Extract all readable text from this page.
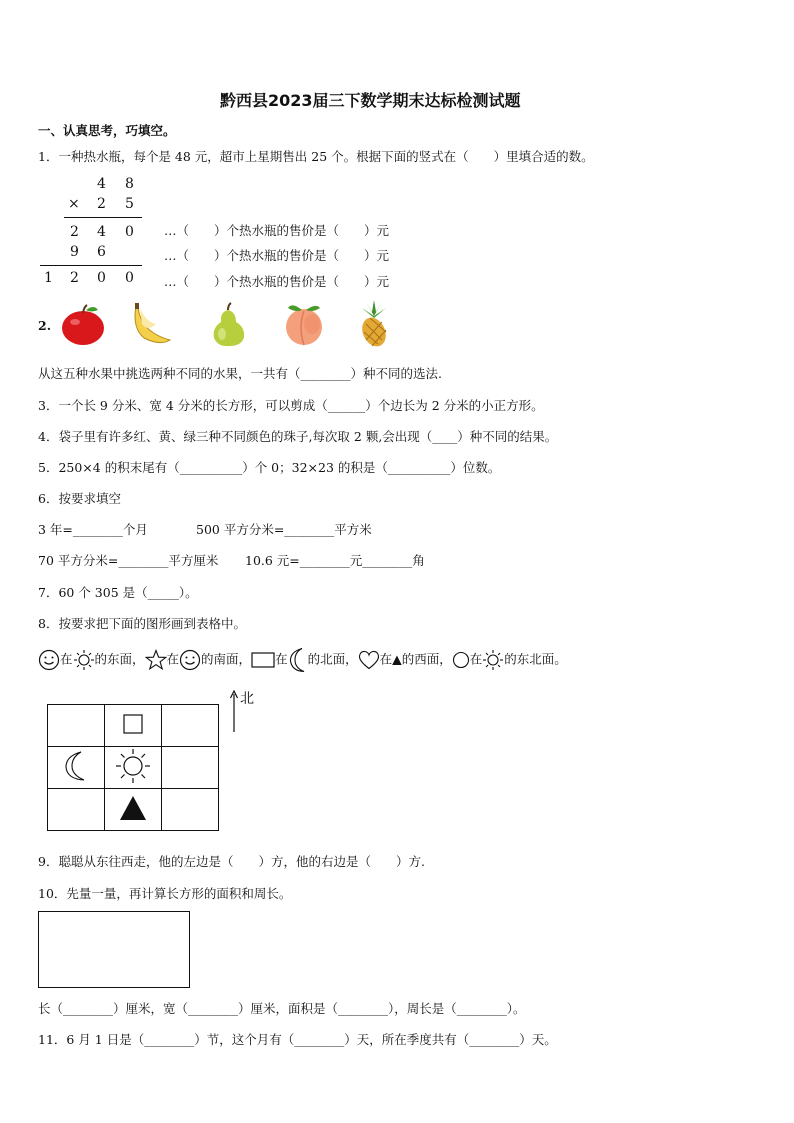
黔西县2023届三下数学期末达标检测试题
一、认真思考，巧填空。
1．一种热水瓶，每个是 48 元，超市上星期售出 25 个。根据下面的竖式在（　　）里填合适的数。
4 8
× 2 5
2 4 0
9 6
1 2 0 0
…（　　）个热水瓶的售价是（　　）元
…（　　）个热水瓶的售价是（　　）元
…（　　）个热水瓶的售价是（　　）元
2.
从这五种水果中挑选两种不同的水果，一共有（________）种不同的选法.
3．一个长 9 分米、宽 4 分米的长方形，可以剪成（______）个边长为 2 分米的小正方形。
4．袋子里有许多红、黄、绿三种不同颜色的珠子,每次取 2 颗,会出现（____）种不同的结果。
5．250×4 的积末尾有（__________）个 0；32×23 的积是（__________）位数。
6．按要求填空
3 年=________个月	500 平方分米=________平方米
70 平方分米=________平方厘米 10.6 元=________元________角
7．60 个 305 是（_____）。
8．按要求把下面的图形画到表格中。
在 的东面， 在 的南面， 在 的北面， 在▲的西面， 在 的东北面。

北
9．聪聪从东往西走，他的左边是（　　）方，他的右边是（　　）方.
10．先量一量，再计算长方形的面积和周长。
长（________）厘米，宽（________）厘米，面积是（________），周长是（________）。
11．6 月 1 日是（________）节，这个月有（________）天，所在季度共有（________）天。
